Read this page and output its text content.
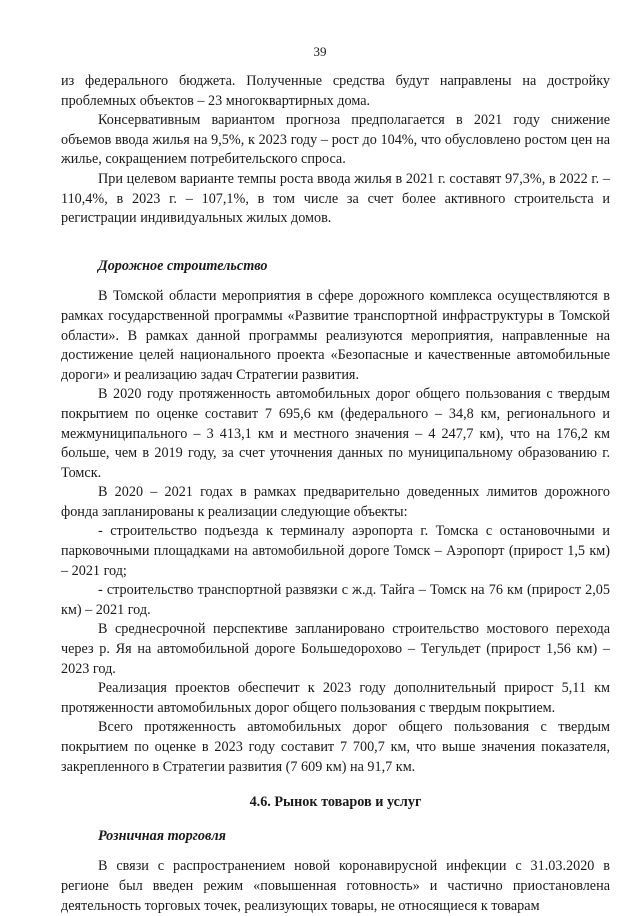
39

из федерального бюджета. Полученные средства будут направлены на достройку проблемных объектов – 23 многоквартирных дома.

Консервативным вариантом прогноза предполагается в 2021 году снижение объемов ввода жилья на 9,5%, к 2023 году – рост до 104%, что обусловлено ростом цен на жилье, сокращением потребительского спроса.

При целевом варианте темпы роста ввода жилья в 2021 г. составят 97,3%, в 2022 г. – 110,4%, в 2023 г. – 107,1%, в том числе за счет более активного строительста и регистрации индивидуальных жилых домов.

Дорожное строительство

В Томской области мероприятия в сфере дорожного комплекса осуществляются в рамках государственной программы «Развитие транспортной инфраструктуры в Томской области». В рамках данной программы реализуются мероприятия, направленные на достижение целей национального проекта «Безопасные и качественные автомобильные дороги» и реализацию задач Стратегии развития.

В 2020 году протяженность автомобильных дорог общего пользования с твердым покрытием по оценке составит 7 695,6 км (федерального – 34,8 км, регионального и межмуниципального – 3 413,1 км и местного значения – 4 247,7 км), что на 176,2 км больше, чем в 2019 году, за счет уточнения данных по муниципальному образованию г. Томск.

В 2020 – 2021 годах в рамках предварительно доведенных лимитов дорожного фонда запланированы к реализации следующие объекты:

- строительство подъезда к терминалу аэропорта г. Томска с остановочными и парковочными площадками на автомобильной дороге Томск – Аэропорт (прирост 1,5 км) – 2021 год;

- строительство транспортной развязки с ж.д. Тайга – Томск на 76 км (прирост 2,05 км) – 2021 год.

В среднесрочной перспективе запланировано строительство мостового перехода через р. Яя на автомобильной дороге Большедорохово – Тегульдет (прирост 1,56 км) – 2023 год.

Реализация проектов обеспечит к 2023 году дополнительный прирост 5,11 км протяженности автомобильных дорог общего пользования с твердым покрытием.

Всего протяженность автомобильных дорог общего пользования с твердым покрытием по оценке в 2023 году составит 7 700,7 км, что выше значения показателя, закрепленного в Стратегии развития (7 609 км) на 91,7 км.

4.6. Рынок товаров и услуг

Розничная торговля

В связи с распространением новой коронавирусной инфекции с 31.03.2020 в регионе был введен режим «повышенная готовность» и частично приостановлена деятельность торговых точек, реализующих товары, не относящиеся к товарам
